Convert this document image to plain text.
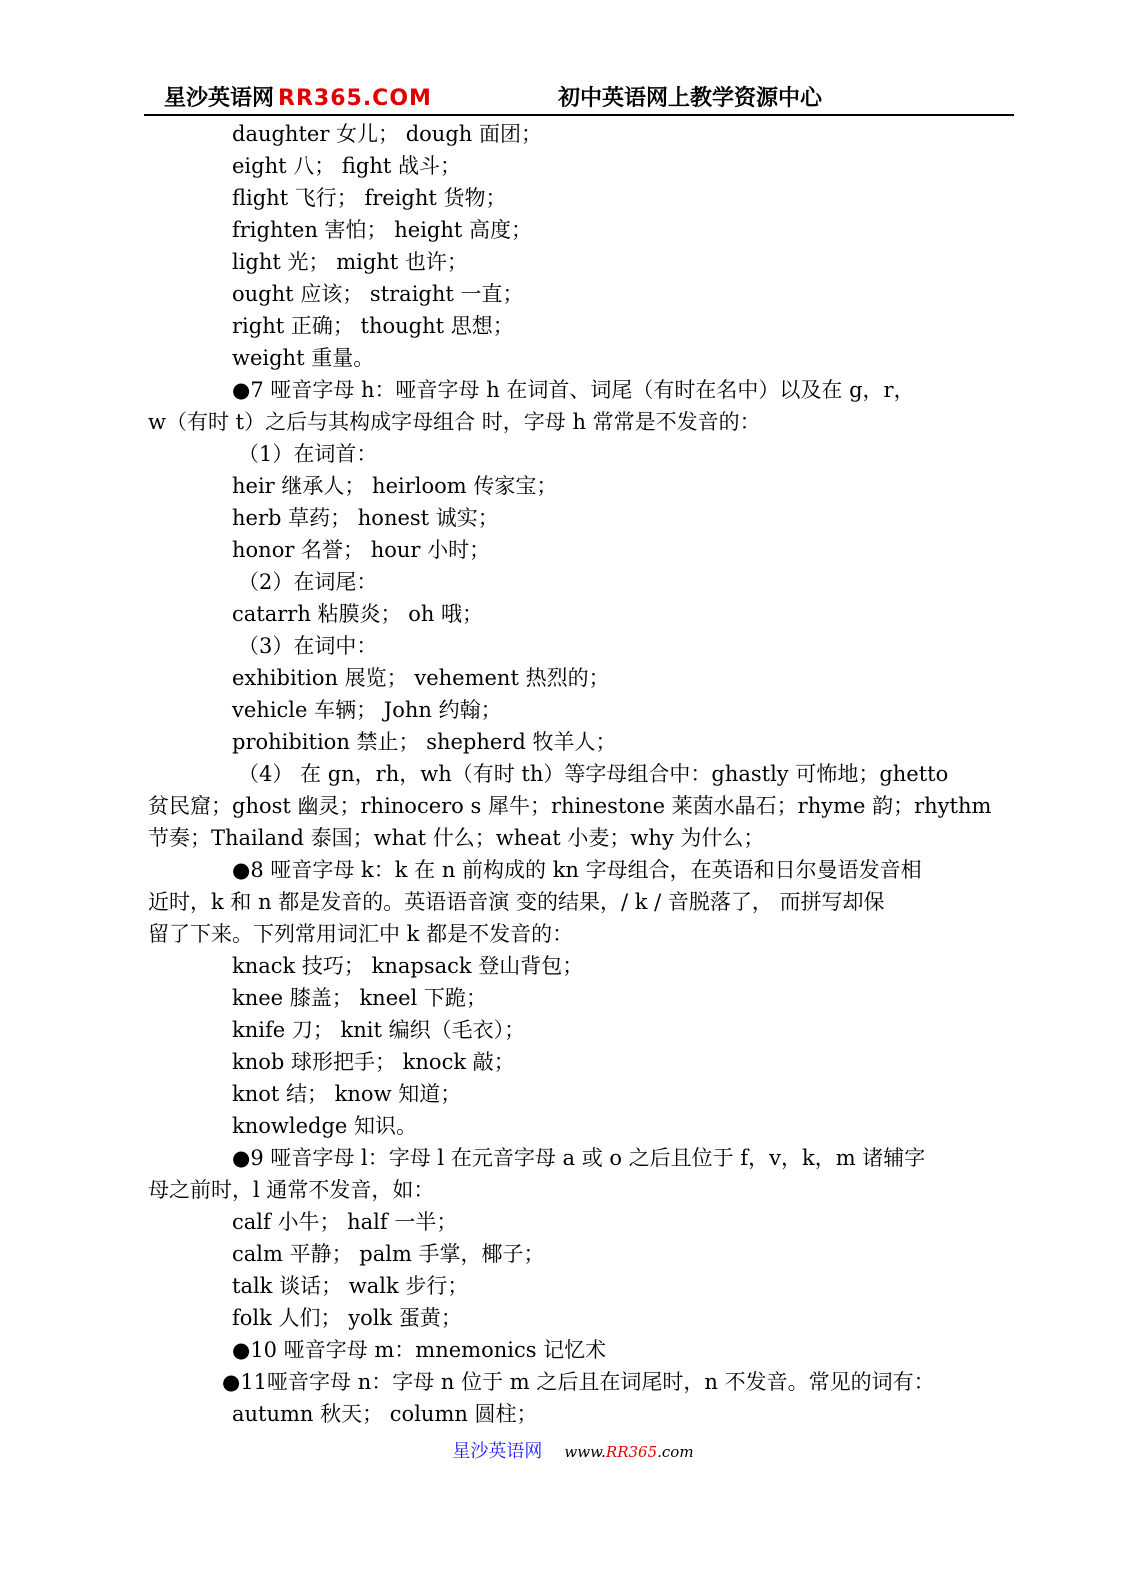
星沙英语网 RR365.COM	初中英语网上教学资源中心
daughter 女儿； dough 面团；
eight 八； fight 战斗；
flight 飞行； freight 货物；
frighten 害怕； height 高度；
light 光； might 也许；
ought 应该； straight 一直；
right 正确； thought 思想；
weight 重量。
●7 哑音字母 h：哑音字母 h 在词首、词尾（有时在名中）以及在 g，r，
w（有时 t）之后与其构成字母组合 时，字母 h 常常是不发音的：
（1）在词首：
heir 继承人； heirloom 传家宝；
herb 草药； honest 诚实；
honor 名誉； hour 小时；
（2）在词尾：
catarrh 粘膜炎； oh 哦；
（3）在词中：
exhibition 展览； vehement 热烈的；
vehicle 车辆； John 约翰；
prohibition 禁止； shepherd 牧羊人；
（4） 在 gn，rh，wh（有时 th）等字母组合中：ghastly 可怖地；ghetto
贫民窟；ghost 幽灵；rhinocero s 犀牛；rhinestone 莱茵水晶石；rhyme 韵；rhythm
节奏；Thailand 泰国；what 什么；wheat 小麦；why 为什么；
●8 哑音字母 k：k 在 n 前构成的 kn 字母组合，在英语和日尔曼语发音相
近时，k 和 n 都是发音的。英语语音演 变的结果，/ k / 音脱落了， 而拼写却保
留了下来。下列常用词汇中 k 都是不发音的：
knack 技巧； knapsack 登山背包；
knee 膝盖； kneel 下跪；
knife 刀； knit 编织（毛衣）；
knob 球形把手； knock 敲；
knot 结； know 知道；
knowledge 知识。
●9 哑音字母 l：字母 l 在元音字母 a 或 o 之后且位于 f，v，k，m 诸辅字
母之前时，l 通常不发音，如：
calf 小牛； half 一半；
calm 平静； palm 手掌，椰子；
talk 谈话； walk 步行；
folk 人们； yolk 蛋黄；
●10 哑音字母 m：mnemonics 记忆术
●11哑音字母 n：字母 n 位于 m 之后且在词尾时，n 不发音。常见的词有：
autumn 秋天； column 圆柱；
星沙英语网 www.RR365.com
